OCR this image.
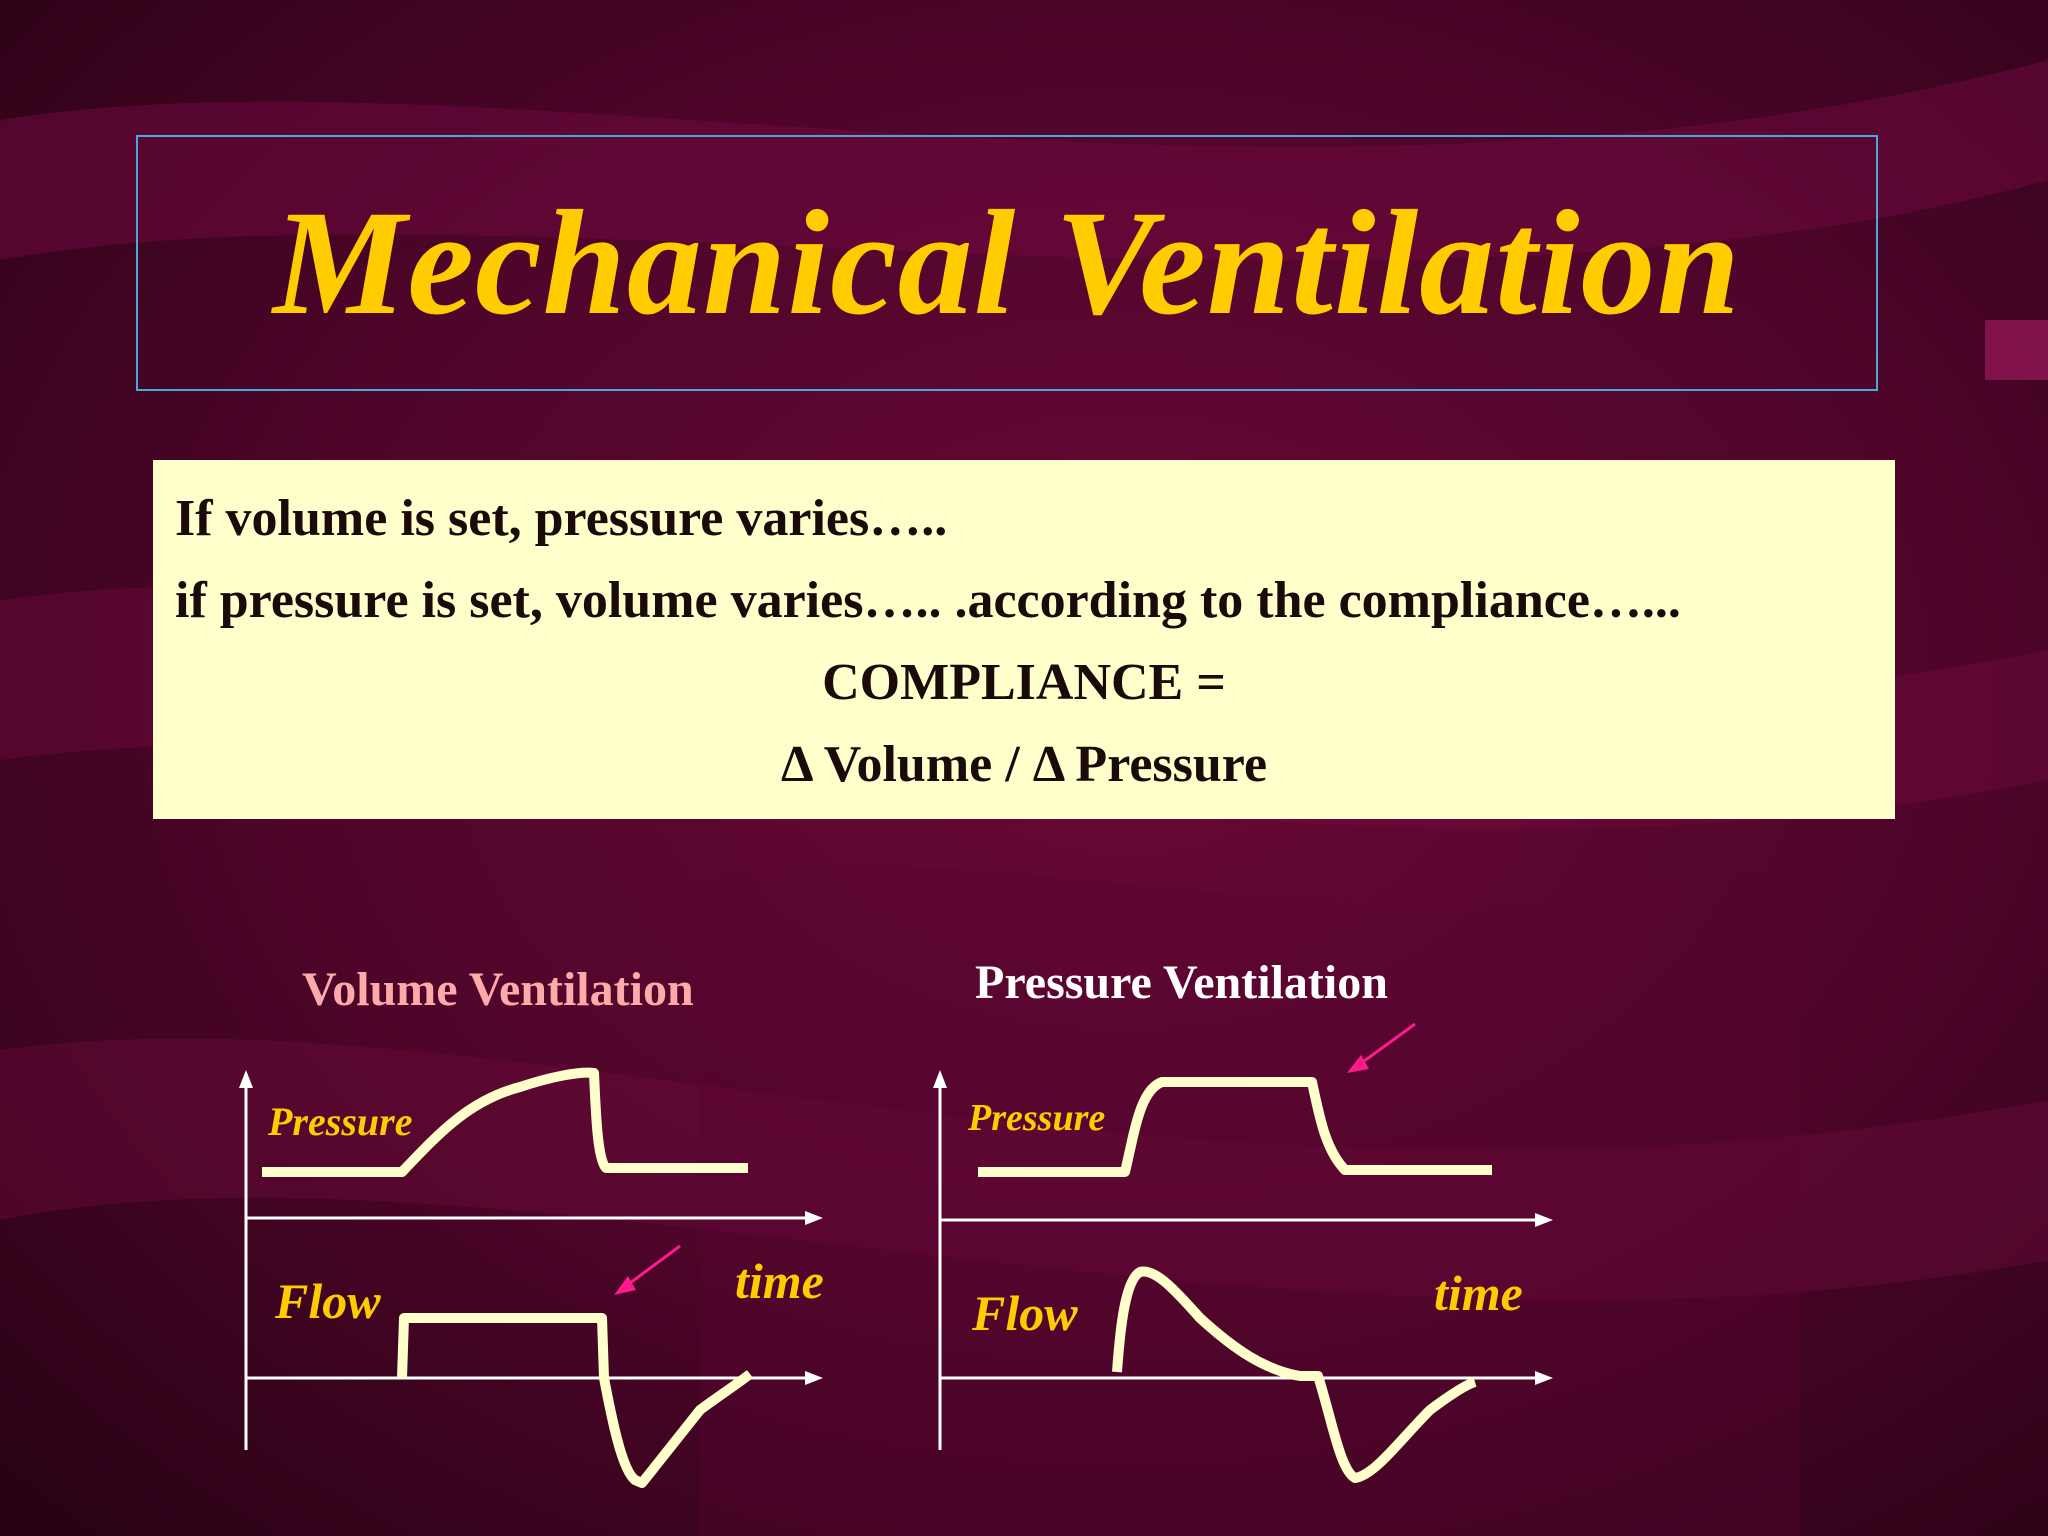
Mechanical Ventilation
If volume is set, pressure varies…..
if pressure is set, volume varies….. .according to the compliance…...
COMPLIANCE =
Δ Volume / Δ Pressure
Volume Ventilation
Pressure
Flow	time
Pressure Ventilation
Pressure
Flow	time
